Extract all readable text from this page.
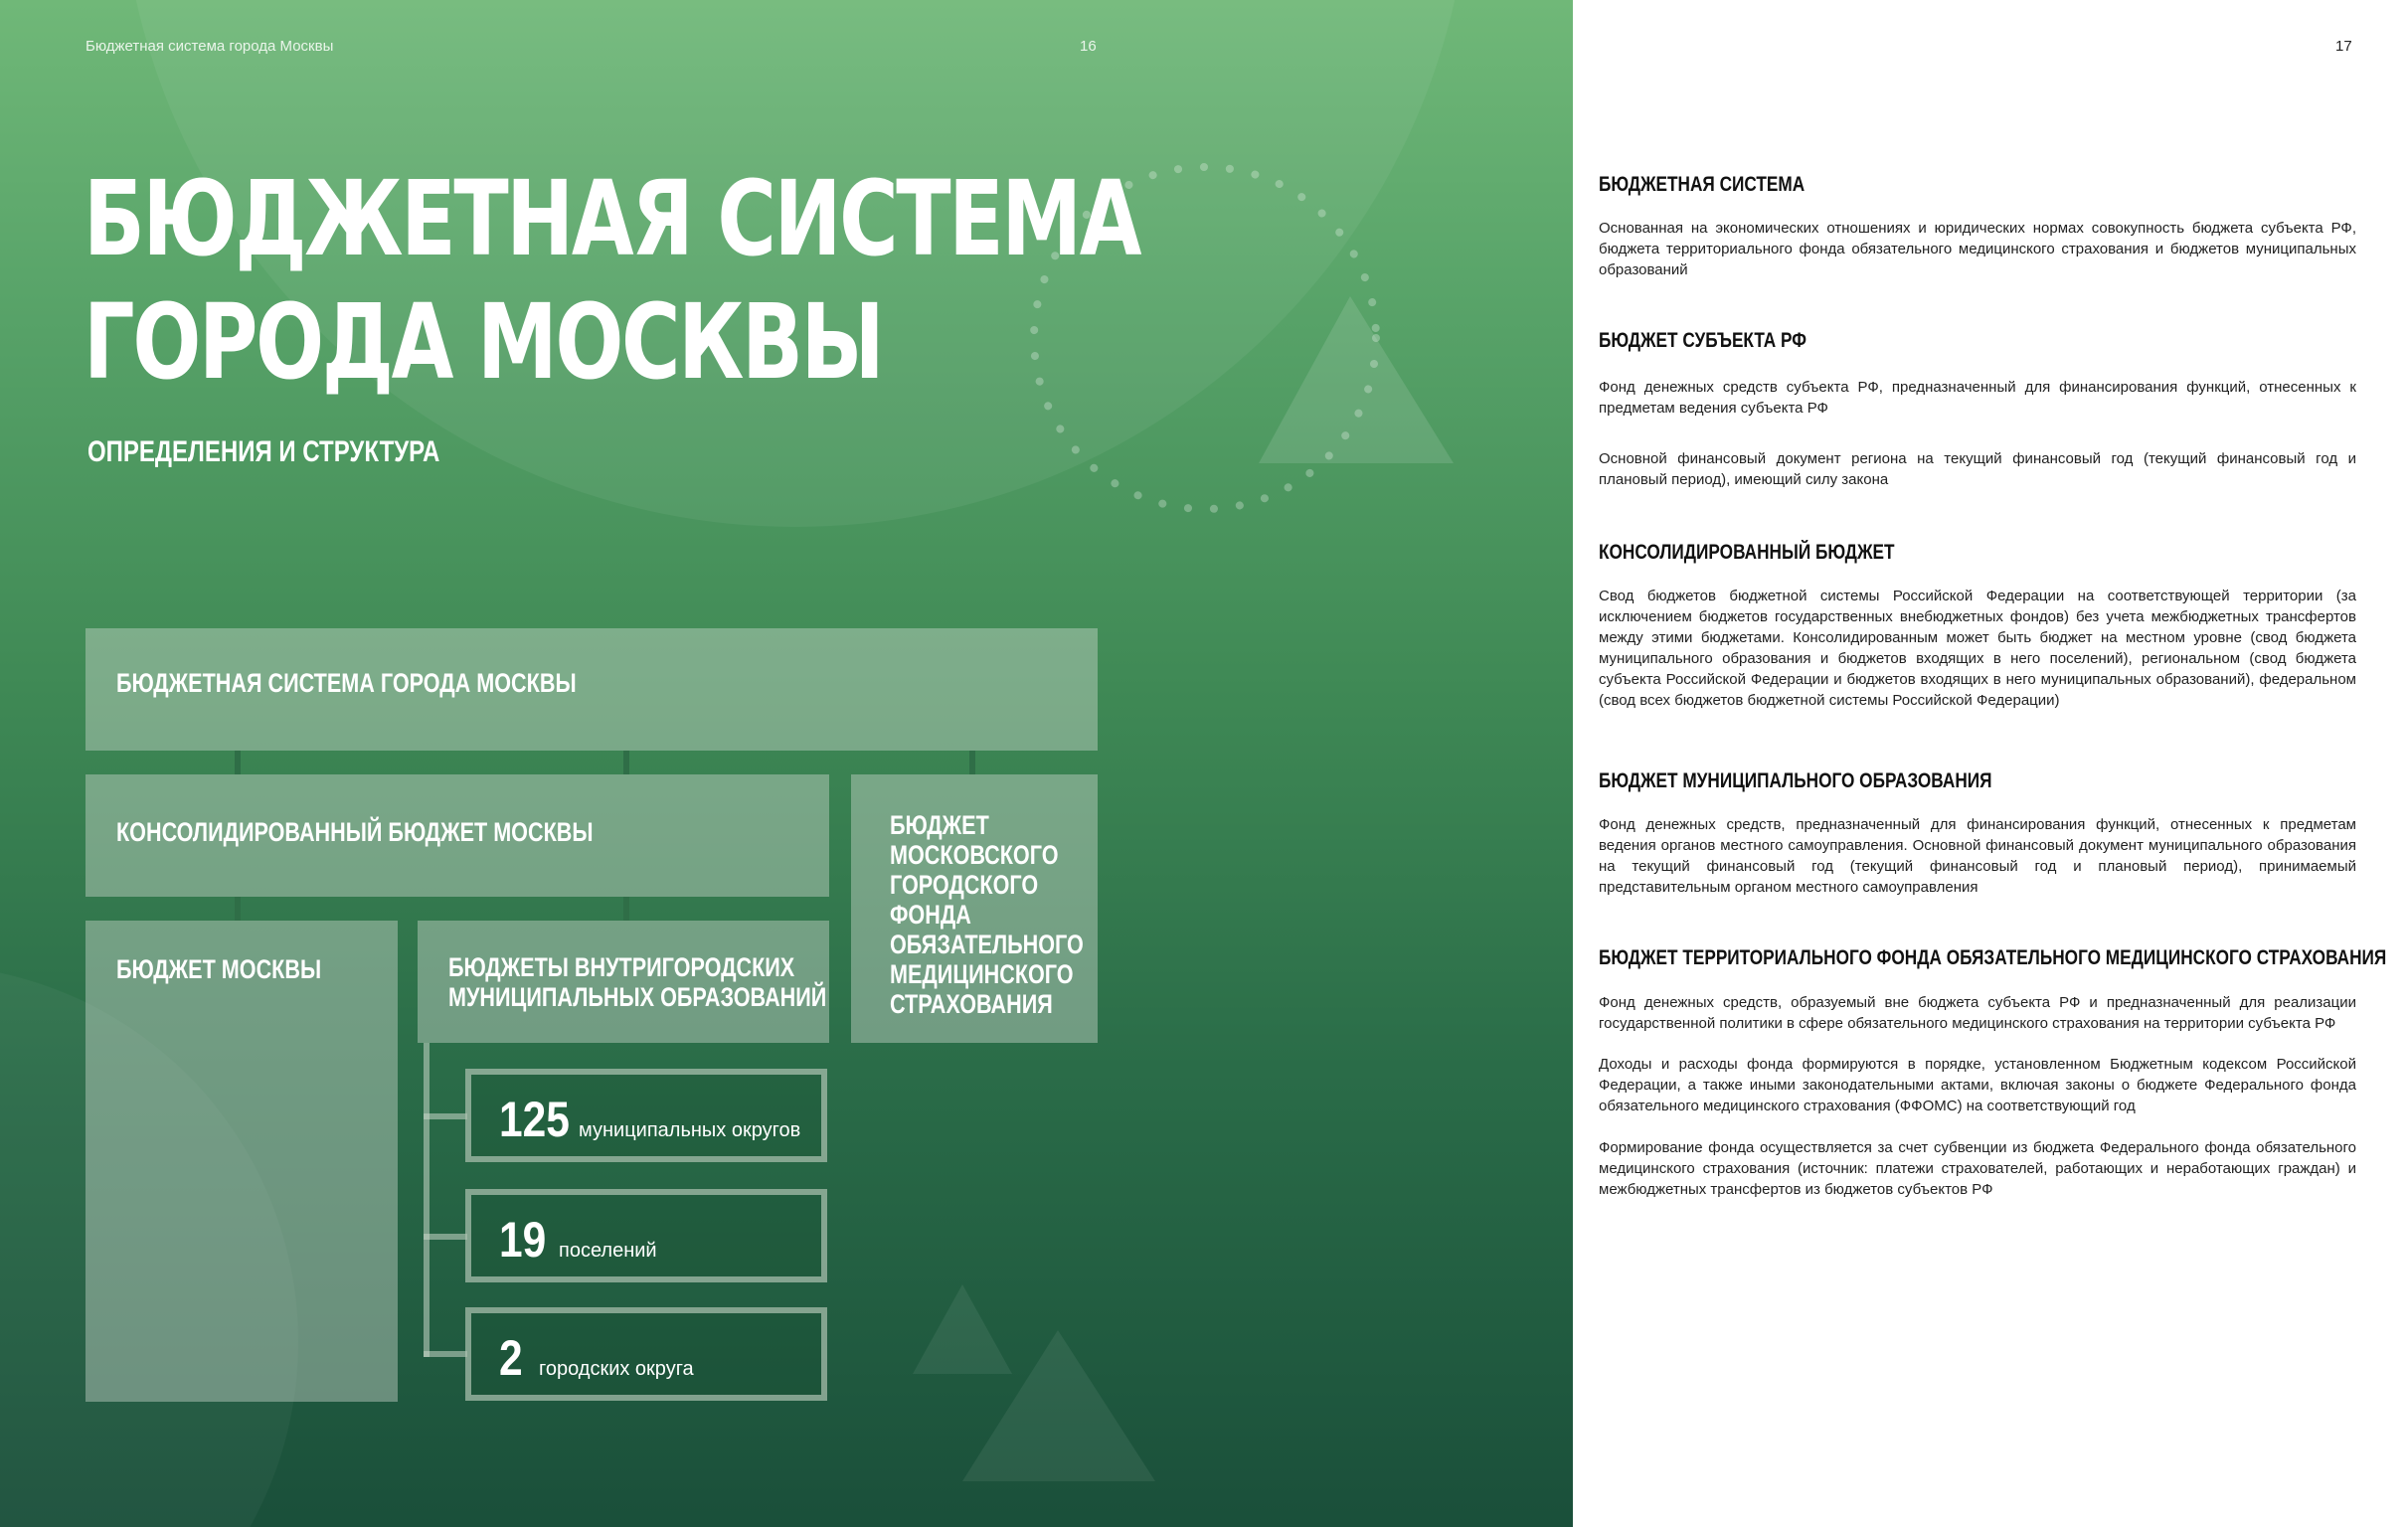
Бюджетная система города Москвы	16
БЮДЖЕТНАЯ СИСТЕМА
ГОРОДА МОСКВЫ
ОПРЕДЕЛЕНИЯ И СТРУКТУРА
БЮДЖЕТНАЯ СИСТЕМА ГОРОДА МОСКВЫ
КОНСОЛИДИРОВАННЫЙ БЮДЖЕТ МОСКВЫ	БЮДЖЕТ
МОСКОВСКОГО
ГОРОДСКОГО
ФОНДА
ОБЯЗАТЕЛЬНОГО
МЕДИЦИНСКОГО
СТРАХОВАНИЯ
БЮДЖЕТ МОСКВЫ	БЮДЖЕТЫ ВНУТРИГОРОДСКИХ
МУНИЦИПАЛЬНЫХ ОБРАЗОВАНИЙ
125 муниципальных округов
19 поселений
2 городских округа
17
БЮДЖЕТНАЯ СИСТЕМА

Основанная на экономических отношениях и юридических нормах совокупность бюджета субъекта РФ, бюджета территориального фонда обязательного медицинского страхования и бюджетов муниципальных образований

БЮДЖЕТ СУБЪЕКТА РФ

Фонд денежных средств субъекта РФ, предназначенный для финансирования функций, отнесенных к предметам ведения субъекта РФ

Основной финансовый документ региона на текущий финансовый год (текущий финансовый год и плановый период), имеющий силу закона

КОНСОЛИДИРОВАННЫЙ БЮДЖЕТ

Свод бюджетов бюджетной системы Российской Федерации на соответствующей территории (за исключением бюджетов государственных внебюджетных фондов) без учета межбюджетных трансфертов между этими бюджетами. Консолидированным может быть бюджет на местном уровне (свод бюджета муниципального образования и бюджетов входящих в него поселений), региональном (свод бюджета субъекта Российской Федерации и бюджетов входящих в него муниципальных образований), федеральном (свод всех бюджетов бюджетной системы Российской Федерации)

БЮДЖЕТ МУНИЦИПАЛЬНОГО ОБРАЗОВАНИЯ

Фонд денежных средств, предназначенный для финансирования функций, отнесенных к предметам ведения органов местного самоуправления. Основной финансовый документ муниципального образования на текущий финансовый год (текущий финансовый год и плановый период), принимаемый представительным органом местного самоуправления

БЮДЖЕТ ТЕРРИТОРИАЛЬНОГО ФОНДА ОБЯЗАТЕЛЬНОГО МЕДИЦИНСКОГО СТРАХОВАНИЯ

Фонд денежных средств, образуемый вне бюджета субъекта РФ и предназначенный для реализации государственной политики в сфере обязательного медицинского страхования на территории субъекта РФ

Доходы и расходы фонда формируются в порядке, установленном Бюджетным кодексом Российской Федерации, а также иными законодательными актами, включая законы о бюджете Федерального фонда обязательного медицинского страхования (ФФОМС) на соответствующий год

Формирование фонда осуществляется за счет субвенции из бюджета Федерального фонда обязательного медицинского страхования (источник: платежи страхователей, работающих и неработающих граждан) и межбюджетных трансфертов из бюджетов субъектов РФ
